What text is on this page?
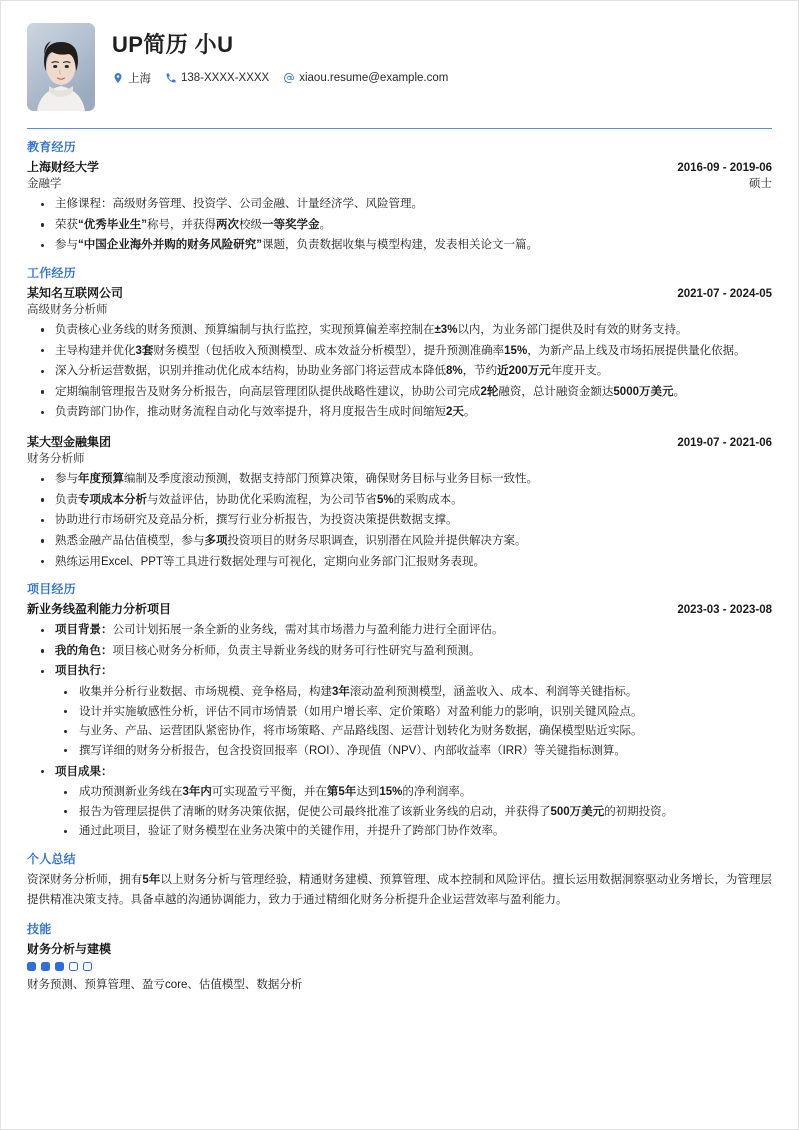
UP简历 小U
上海	138-XXXX-XXXX	xiaou.resume@example.com
教育经历
上海财经大学	2016-09 - 2019-06
金融学	硕士
主修课程：高级财务管理、投资学、公司金融、计量经济学、风险管理。
荣获“优秀毕业生”称号，并获得两次校级一等奖学金。
参与“中国企业海外并购的财务风险研究”课题，负责数据收集与模型构建，发表相关论文一篇。
工作经历
某知名互联网公司	2021-07 - 2024-05
高级财务分析师
负责核心业务线的财务预测、预算编制与执行监控，实现预算偏差率控制在±3%以内，为业务部门提供及时有效的财务支持。
主导构建并优化3套财务模型（包括收入预测模型、成本效益分析模型），提升预测准确率15%，为新产品上线及市场拓展提供量化依据。
深入分析运营数据，识别并推动优化成本结构，协助业务部门将运营成本降低8%，节约近200万元年度开支。
定期编制管理报告及财务分析报告，向高层管理团队提供战略性建议，协助公司完成2轮融资，总计融资金额达5000万美元。
负责跨部门协作，推动财务流程自动化与效率提升，将月度报告生成时间缩短2天。
某大型金融集团	2019-07 - 2021-06
财务分析师
参与年度预算编制及季度滚动预测，数据支持部门预算决策，确保财务目标与业务目标一致性。
负责专项成本分析与效益评估，协助优化采购流程，为公司节省5%的采购成本。
协助进行市场研究及竞品分析，撰写行业分析报告，为投资决策提供数据支撑。
熟悉金融产品估值模型，参与多项投资项目的财务尽职调查，识别潜在风险并提供解决方案。
熟练运用Excel、PPT等工具进行数据处理与可视化，定期向业务部门汇报财务表现。
项目经历
新业务线盈利能力分析项目	2023-03 - 2023-08
项目背景：公司计划拓展一条全新的业务线，需对其市场潜力与盈利能力进行全面评估。
我的角色：项目核心财务分析师，负责主导新业务线的财务可行性研究与盈利预测。
项目执行：
收集并分析行业数据、市场规模、竞争格局，构建3年滚动盈利预测模型，涵盖收入、成本、利润等关键指标。
设计并实施敏感性分析，评估不同市场情景（如用户增长率、定价策略）对盈利能力的影响，识别关键风险点。
与业务、产品、运营团队紧密协作，将市场策略、产品路线图、运营计划转化为财务数据，确保模型贴近实际。
撰写详细的财务分析报告，包含投资回报率（ROI）、净现值（NPV）、内部收益率（IRR）等关键指标测算。
项目成果：
成功预测新业务线在3年内可实现盈亏平衡，并在第5年达到15%的净利润率。
报告为管理层提供了清晰的财务决策依据，促使公司最终批准了该新业务线的启动，并获得了500万美元的初期投资。
通过此项目，验证了财务模型在业务决策中的关键作用，并提升了跨部门协作效率。
个人总结
资深财务分析师，拥有5年以上财务分析与管理经验，精通财务建模、预算管理、成本控制和风险评估。擅长运用数据洞察驱动业务增长，为管理层提供精准决策支持。具备卓越的沟通协调能力，致力于通过精细化财务分析提升企业运营效率与盈利能力。
技能
财务分析与建模
财务预测、预算管理、盈亏core、估值模型、数据分析
